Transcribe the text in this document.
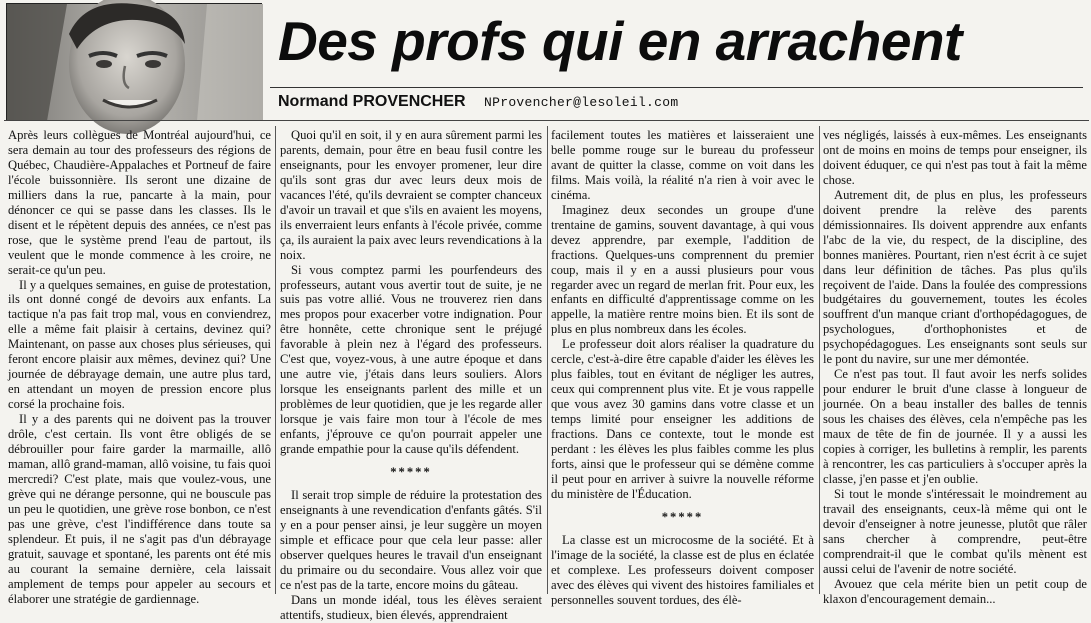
Des profs qui en arrachent
Normand PROVENCHER NProvencher@lesoleil.com

Après leurs collègues de Montréal aujourd'hui, ce sera demain au tour des professeurs des régions de Québec, Chaudière-Appalaches et Portneuf de faire l'école buissonnière. Ils seront une dizaine de milliers dans la rue, pancarte à la main, pour dénoncer ce qui se passe dans les classes. Ils le disent et le répètent depuis des années, ce n'est pas rose, que le système prend l'eau de partout, ils veulent que le monde commence à les croire, ne serait-ce qu'un peu.

Il y a quelques semaines, en guise de protestation, ils ont donné congé de devoirs aux enfants. La tactique n'a pas fait trop mal, vous en conviendrez, elle a même fait plaisir à certains, devinez qui? Maintenant, on passe aux choses plus sérieuses, qui feront encore plaisir aux mêmes, devinez qui? Une journée de débrayage demain, une autre plus tard, en attendant un moyen de pression encore plus corsé la prochaine fois.

Il y a des parents qui ne doivent pas la trouver drôle, c'est certain. Ils vont être obligés de se débrouiller pour faire garder la marmaille, allô maman, allô grand-maman, allô voisine, tu fais quoi mercredi? C'est plate, mais que voulez-vous, une grève qui ne dérange personne, qui ne bouscule pas un peu le quotidien, une grève rose bonbon, ce n'est pas une grève, c'est l'indifférence dans toute sa splendeur. Et puis, il ne s'agit pas d'un débrayage gratuit, sauvage et spontané, les parents ont été mis au courant la semaine dernière, cela laissait amplement de temps pour appeler au secours et élaborer une stratégie de gardiennage.

Quoi qu'il en soit, il y en aura sûrement parmi les parents, demain, pour être en beau fusil contre les enseignants, pour les envoyer promener, leur dire qu'ils sont gras dur avec leurs deux mois de vacances l'été, qu'ils devraient se compter chanceux d'avoir un travail et que s'ils en avaient les moyens, ils enverraient leurs enfants à l'école privée, comme ça, ils auraient la paix avec leurs revendications à la noix.

Si vous comptez parmi les pourfendeurs des professeurs, autant vous avertir tout de suite, je ne suis pas votre allié. Vous ne trouverez rien dans mes propos pour exacerber votre indignation. Pour être honnête, cette chronique sent le préjugé favorable à plein nez à l'égard des professeurs. C'est que, voyez-vous, à une autre époque et dans une autre vie, j'étais dans leurs souliers. Alors lorsque les enseignants parlent des mille et un problèmes de leur quotidien, que je les regarde aller lorsque je vais faire mon tour à l'école de mes enfants, j'éprouve ce qu'on pourrait appeler une grande empathie pour la cause qu'ils défendent.

*****

Il serait trop simple de réduire la protestation des enseignants à une revendication d'enfants gâtés. S'il y en a pour penser ainsi, je leur suggère un moyen simple et efficace pour que cela leur passe: aller observer quelques heures le travail d'un enseignant du primaire ou du secondaire. Vous allez voir que ce n'est pas de la tarte, encore moins du gâteau.

Dans un monde idéal, tous les élèves seraient attentifs, studieux, bien élevés, apprendraient

facilement toutes les matières et laisseraient une belle pomme rouge sur le bureau du professeur avant de quitter la classe, comme on voit dans les films. Mais voilà, la réalité n'a rien à voir avec le cinéma.

Imaginez deux secondes un groupe d'une trentaine de gamins, souvent davantage, à qui vous devez apprendre, par exemple, l'addition de fractions. Quelques-uns comprennent du premier coup, mais il y en a aussi plusieurs pour vous regarder avec un regard de merlan frit. Pour eux, les enfants en difficulté d'apprentissage comme on les appelle, la matière rentre moins bien. Et ils sont de plus en plus nombreux dans les écoles.

Le professeur doit alors réaliser la quadrature du cercle, c'est-à-dire être capable d'aider les élèves les plus faibles, tout en évitant de négliger les autres, ceux qui comprennent plus vite. Et je vous rappelle que vous avez 30 gamins dans votre classe et un temps limité pour enseigner les additions de fractions. Dans ce contexte, tout le monde est perdant : les élèves les plus faibles comme les plus forts, ainsi que le professeur qui se démène comme il peut pour en arriver à suivre la nouvelle réforme du ministère de l'Éducation.

*****

La classe est un microcosme de la société. Et à l'image de la société, la classe est de plus en éclatée et complexe. Les professeurs doivent composer avec des élèves qui vivent des histoires familiales et personnelles souvent tordues, des élè-

ves négligés, laissés à eux-mêmes. Les enseignants ont de moins en moins de temps pour enseigner, ils doivent éduquer, ce qui n'est pas tout à fait la même chose.

Autrement dit, de plus en plus, les professeurs doivent prendre la relève des parents démissionnaires. Ils doivent apprendre aux enfants l'abc de la vie, du respect, de la discipline, des bonnes manières. Pourtant, rien n'est écrit à ce sujet dans leur définition de tâches. Pas plus qu'ils reçoivent de l'aide. Dans la foulée des compressions budgétaires du gouvernement, toutes les écoles souffrent d'un manque criant d'orthopédagogues, de psychologues, d'orthophonistes et de psychopédagogues. Les enseignants sont seuls sur le pont du navire, sur une mer démontée.

Ce n'est pas tout. Il faut avoir les nerfs solides pour endurer le bruit d'une classe à longueur de journée. On a beau installer des balles de tennis sous les chaises des élèves, cela n'empêche pas les maux de tête de fin de journée. Il y a aussi les copies à corriger, les bulletins à remplir, les parents à rencontrer, les cas particuliers à s'occuper après la classe, j'en passe et j'en oublie.

Si tout le monde s'intéressait le moindrement au travail des enseignants, ceux-là même qui ont le devoir d'enseigner à notre jeunesse, plutôt que râler sans chercher à comprendre, peut-être comprendrait-il que le combat qu'ils mènent est aussi celui de l'avenir de notre société.

Avouez que cela mérite bien un petit coup de klaxon d'encouragement demain...
